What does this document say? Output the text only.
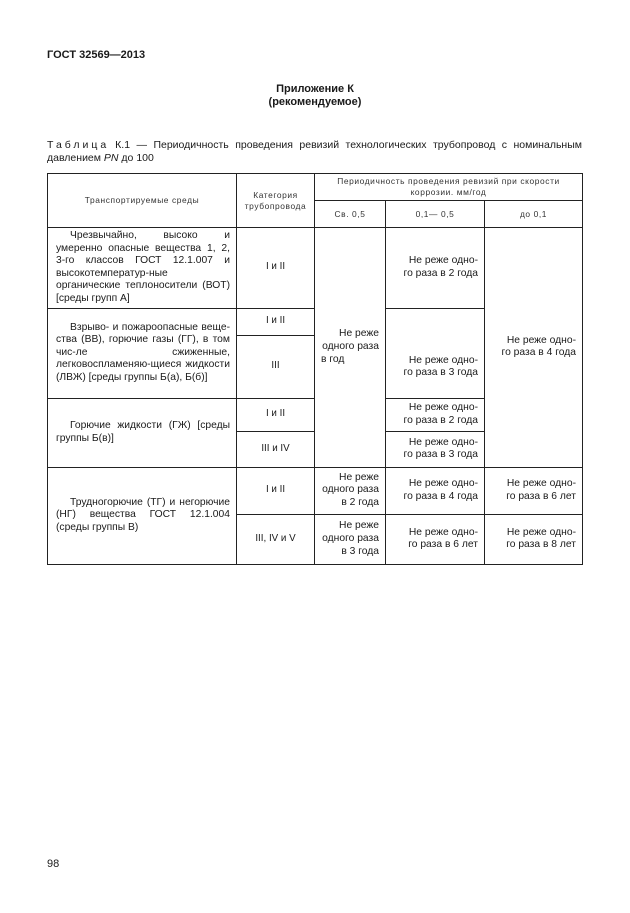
ГОСТ 32569—2013
Приложение К
(рекомендуемое)
Таблица К.1 — Периодичность проведения ревизий технологических трубопровод с номинальным
давлением PN до 100
Транспортируемые среды	Категория трубопровода	Периодичность проведения ревизий при скорости коррозии. мм/год		
		Св. 0,5	0,1— 0,5	до 0,1

Чрезвычайно, высоко и умеренно опасные вещества 1, 2, 3-го классов ГОСТ 12.1.007 и высокотемператур-ные органические теплоносители (ВОТ) [среды групп А]	I и II	Не реже одного раза в год	Не реже одно-го раза в 2 года	Не реже одно-го раза в 4 года

Взрыво- и пожароопасные веще-ства (ВВ), горючие газы (ГГ), в том чис-ле сжиженные, легковоспламеняю-щиеся жидкости (ЛВЖ) [среды группы Б(а), Б(б)]	I и II		Не реже одно-го раза в 3 года	

	III			

Горючие жидкости (ГЖ) [среды группы Б(в)]	I и II		Не реже одно-го раза в 2 года	

	III и IV		Не реже одно-го раза в 3 года	

Трудногорючие (ТГ) и негорючие (НГ) вещества ГОСТ 12.1.004 (среды группы В)	I и II	Не реже одного раза в 2 года	Не реже одно-го раза в 4 года	Не реже одно-го раза в 6 лет

	III, IV и V	Не реже одного раза в 3 года	Не реже одно-го раза в 6 лет	Не реже одно-го раза в 8 лет
98
